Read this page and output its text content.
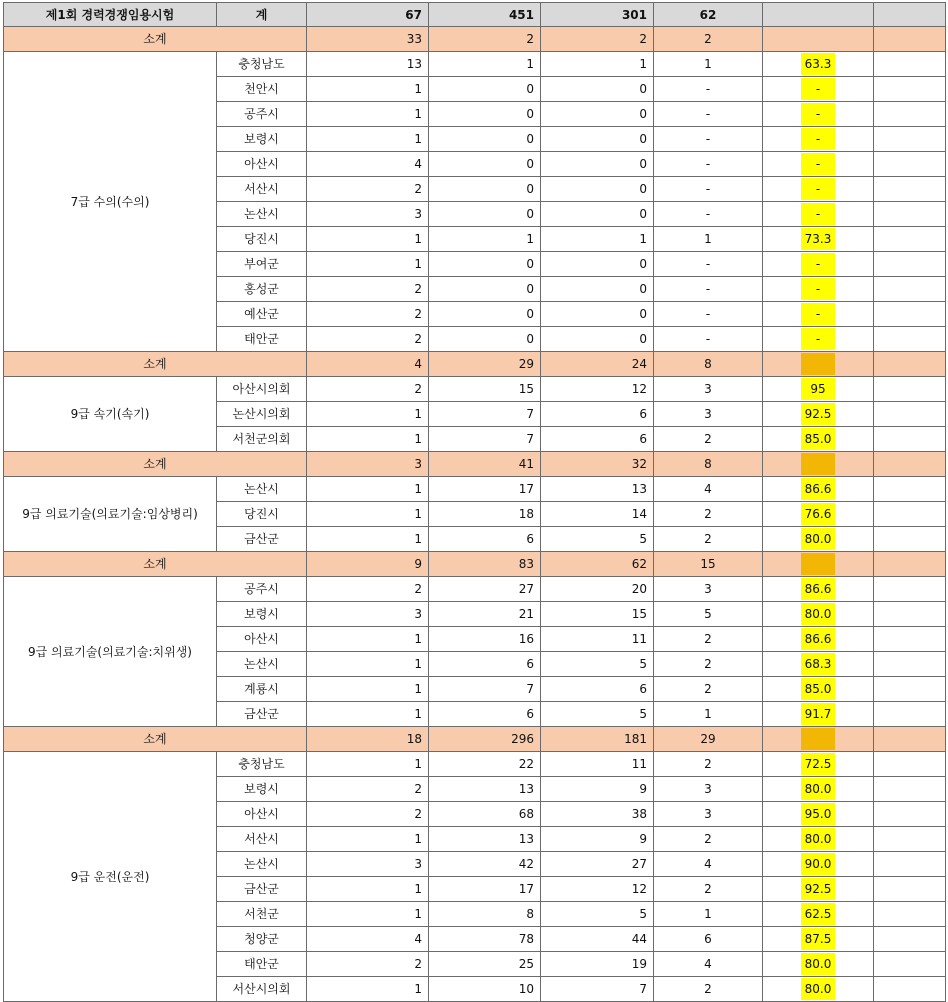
제1회 경력경쟁임용시험	계	67	451	301	62		
소계		33	2	2	2		
7급 수의(수의)	충청남도	13	1	1	1	63.3	
	천안시	1	0	0	-	-	
	공주시	1	0	0	-	-	
	보령시	1	0	0	-	-	
	아산시	4	0	0	-	-	
	서산시	2	0	0	-	-	
	논산시	3	0	0	-	-	
	당진시	1	1	1	1	73.3	
	부여군	1	0	0	-	-	
	홍성군	2	0	0	-	-	
	예산군	2	0	0	-	-	
	태안군	2	0	0	-	-	
소계		4	29	24	8		
9급 속기(속기)	아산시의회	2	15	12	3	95	
	논산시의회	1	7	6	3	92.5	
	서천군의회	1	7	6	2	85.0	
소계		3	41	32	8		
9급 의료기술(의료기술:임상병리)	논산시	1	17	13	4	86.6	
	당진시	1	18	14	2	76.6	
	금산군	1	6	5	2	80.0	
소계		9	83	62	15		
9급 의료기술(의료기술:치위생)	공주시	2	27	20	3	86.6	
	보령시	3	21	15	5	80.0	
	아산시	1	16	11	2	86.6	
	논산시	1	6	5	2	68.3	
	계룡시	1	7	6	2	85.0	
	금산군	1	6	5	1	91.7	
소계		18	296	181	29		
9급 운전(운전)	충청남도	1	22	11	2	72.5	
	보령시	2	13	9	3	80.0	
	아산시	2	68	38	3	95.0	
	서산시	1	13	9	2	80.0	
	논산시	3	42	27	4	90.0	
	금산군	1	17	12	2	92.5	
	서천군	1	8	5	1	62.5	
	청양군	4	78	44	6	87.5	
	태안군	2	25	19	4	80.0	
	서산시의회	1	10	7	2	80.0	
